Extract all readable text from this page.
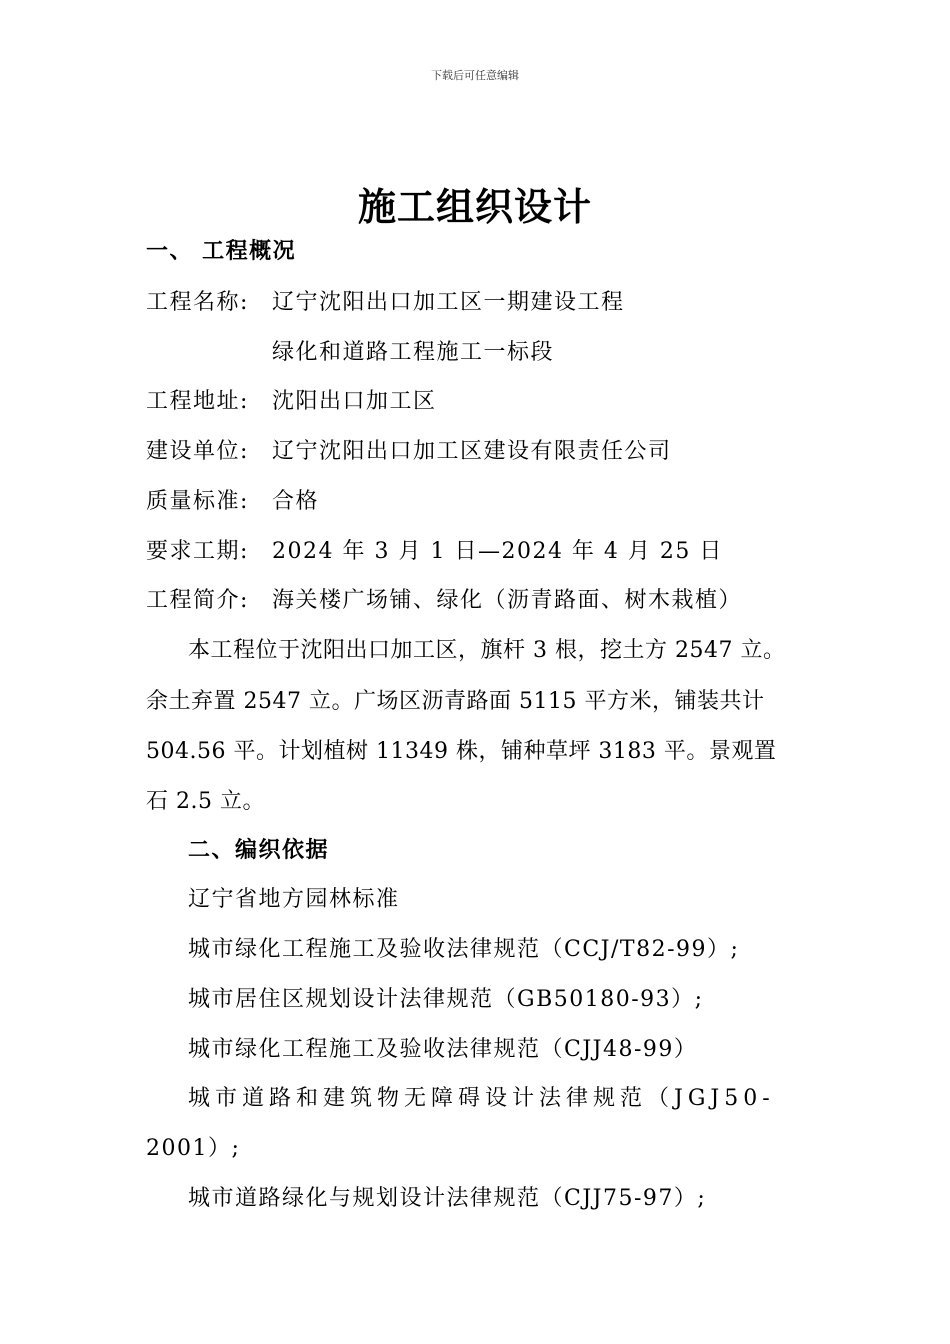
下载后可任意编辑
施工组织设计
一、 工程概况
工程名称: 辽宁沈阳出口加工区一期建设工程
绿化和道路工程施工一标段
工程地址: 沈阳出口加工区
建设单位: 辽宁沈阳出口加工区建设有限责任公司
质量标准: 合格
要求工期: 2024 年 3 月 1 日—2024 年 4 月 25 日
工程简介: 海关楼广场铺、绿化（沥青路面、树木栽植）
本工程位于沈阳出口加工区，旗杆 3 根，挖土方 2547 立。
余土弃置 2547 立。广场区沥青路面 5115 平方米，铺装共计
504.56 平。计划植树 11349 株，铺种草坪 3183 平。景观置
石 2.5 立。
二、编织依据
辽宁省地方园林标准
城市绿化工程施工及验收法律规范（CCJ/T82-99）;
城市居住区规划设计法律规范（GB50180-93）;
城市绿化工程施工及验收法律规范（CJJ48-99）
城市道路和建筑物无障碍设计法律规范（JGJ50-
2001）;
城市道路绿化与规划设计法律规范（CJJ75-97）;
